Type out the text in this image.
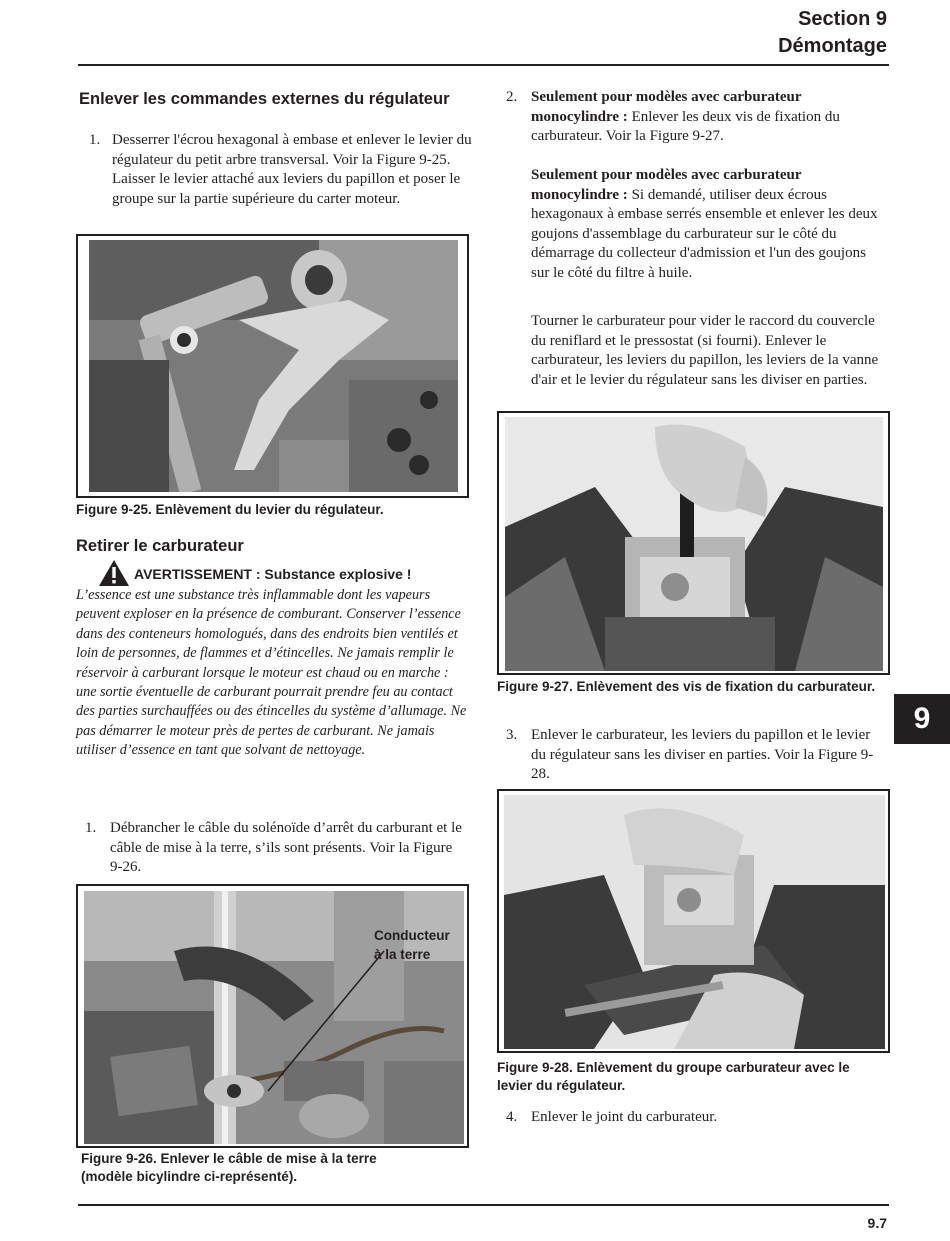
Section 9
Démontage
Enlever les commandes externes du régulateur
1. Desserrer l'écrou hexagonal à embase et enlever le levier du régulateur du petit arbre transversal. Voir la Figure 9-25. Laisser le levier attaché aux leviers du papillon et poser le groupe sur la partie supérieure du carter moteur.
Figure 9-25. Enlèvement du levier du régulateur.
Retirer le carburateur
AVERTISSEMENT : Substance explosive !
L’essence est une substance très inflammable dont les vapeurs peuvent exploser en la présence de comburant. Conserver l’essence dans des conteneurs homologués, dans des endroits bien ventilés et loin de personnes, de flammes et d’étincelles. Ne jamais remplir le réservoir à carburant lorsque le moteur est chaud ou en marche : une sortie éventuelle de carburant pourrait prendre feu au contact des parties surchauffées ou des étincelles du système d’allumage. Ne pas démarrer le moteur près de pertes de carburant. Ne jamais utiliser d’essence en tant que solvant de nettoyage.
1. Débrancher le câble du solénoïde d’arrêt du carburant et le câble de mise à la terre, s’ils sont présents. Voir la Figure 9-26.
Conducteur
à la terre
Figure 9-26. Enlever le câble de mise à la terre
(modèle bicylindre ci-représenté).
2. Seulement pour modèles avec carburateur monocylindre : Enlever les deux vis de fixation du carburateur. Voir la Figure 9-27.
Seulement pour modèles avec carburateur monocylindre : Si demandé, utiliser deux écrous hexagonaux à embase serrés ensemble et enlever les deux goujons d'assemblage du carburateur sur le côté du démarrage du collecteur d'admission et l'un des goujons sur le côté du filtre à huile.
Tourner le carburateur pour vider le raccord du couvercle du reniflard et le pressostat (si fourni). Enlever le carburateur, les leviers du papillon, les leviers de la vanne d'air et le levier du régulateur sans les diviser en parties.
Figure 9-27. Enlèvement des vis de fixation du carburateur.
3. Enlever le carburateur, les leviers du papillon et le levier du régulateur sans les diviser en parties. Voir la Figure 9-28.
Figure 9-28. Enlèvement du groupe carburateur avec le levier du régulateur.
4. Enlever le joint du carburateur.
9
9.7
